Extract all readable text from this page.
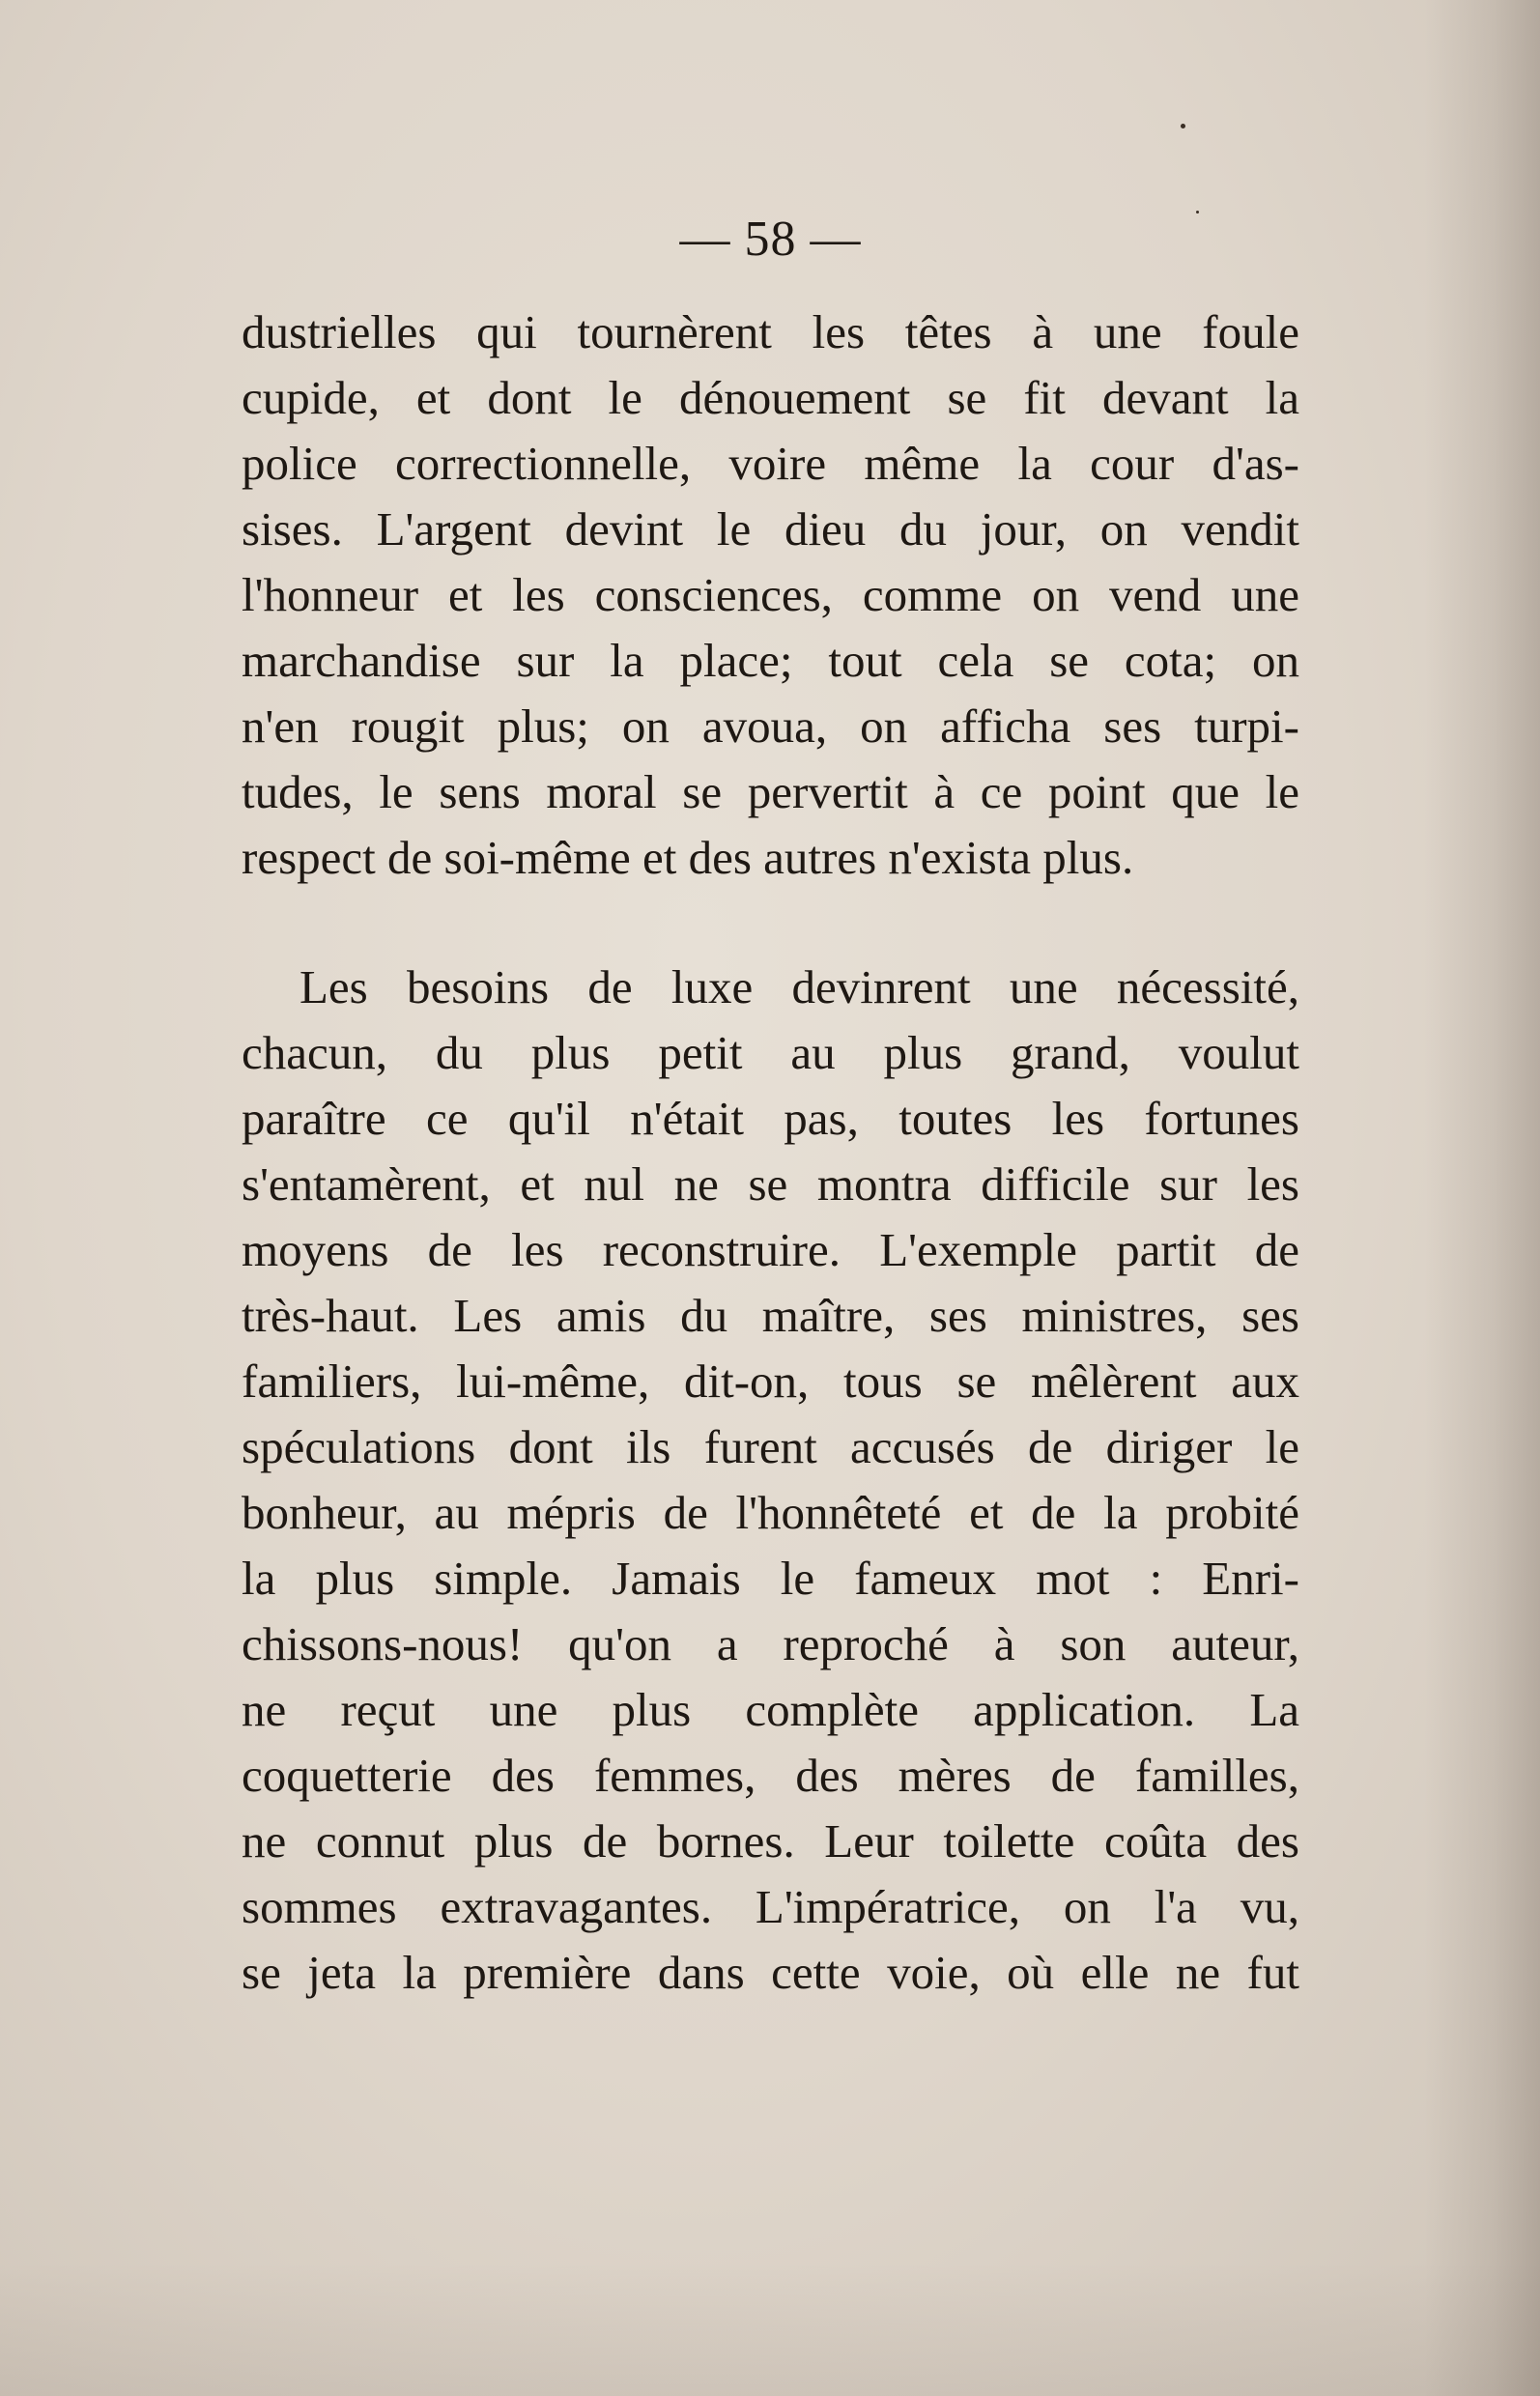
— 58 —
dustrielles qui tournèrent les têtes à une foule
cupide, et dont le dénouement se fit devant la
police correctionnelle, voire même la cour d'as-
sises. L'argent devint le dieu du jour, on vendit
l'honneur et les consciences, comme on vend une
marchandise sur la place; tout cela se cota; on
n'en rougit plus; on avoua, on afficha ses turpi-
tudes, le sens moral se pervertit à ce point que le
respect de soi-même et des autres n'exista plus.
Les besoins de luxe devinrent une nécessité,
chacun, du plus petit au plus grand, voulut
paraître ce qu'il n'était pas, toutes les fortunes
s'entamèrent, et nul ne se montra difficile sur les
moyens de les reconstruire. L'exemple partit de
très-haut. Les amis du maître, ses ministres, ses
familiers, lui-même, dit-on, tous se mêlèrent aux
spéculations dont ils furent accusés de diriger le
bonheur, au mépris de l'honnêteté et de la probité
la plus simple. Jamais le fameux mot : Enri-
chissons-nous! qu'on a reproché à son auteur,
ne reçut une plus complète application. La
coquetterie des femmes, des mères de familles,
ne connut plus de bornes. Leur toilette coûta des
sommes extravagantes. L'impératrice, on l'a vu,
se jeta la première dans cette voie, où elle ne fut
